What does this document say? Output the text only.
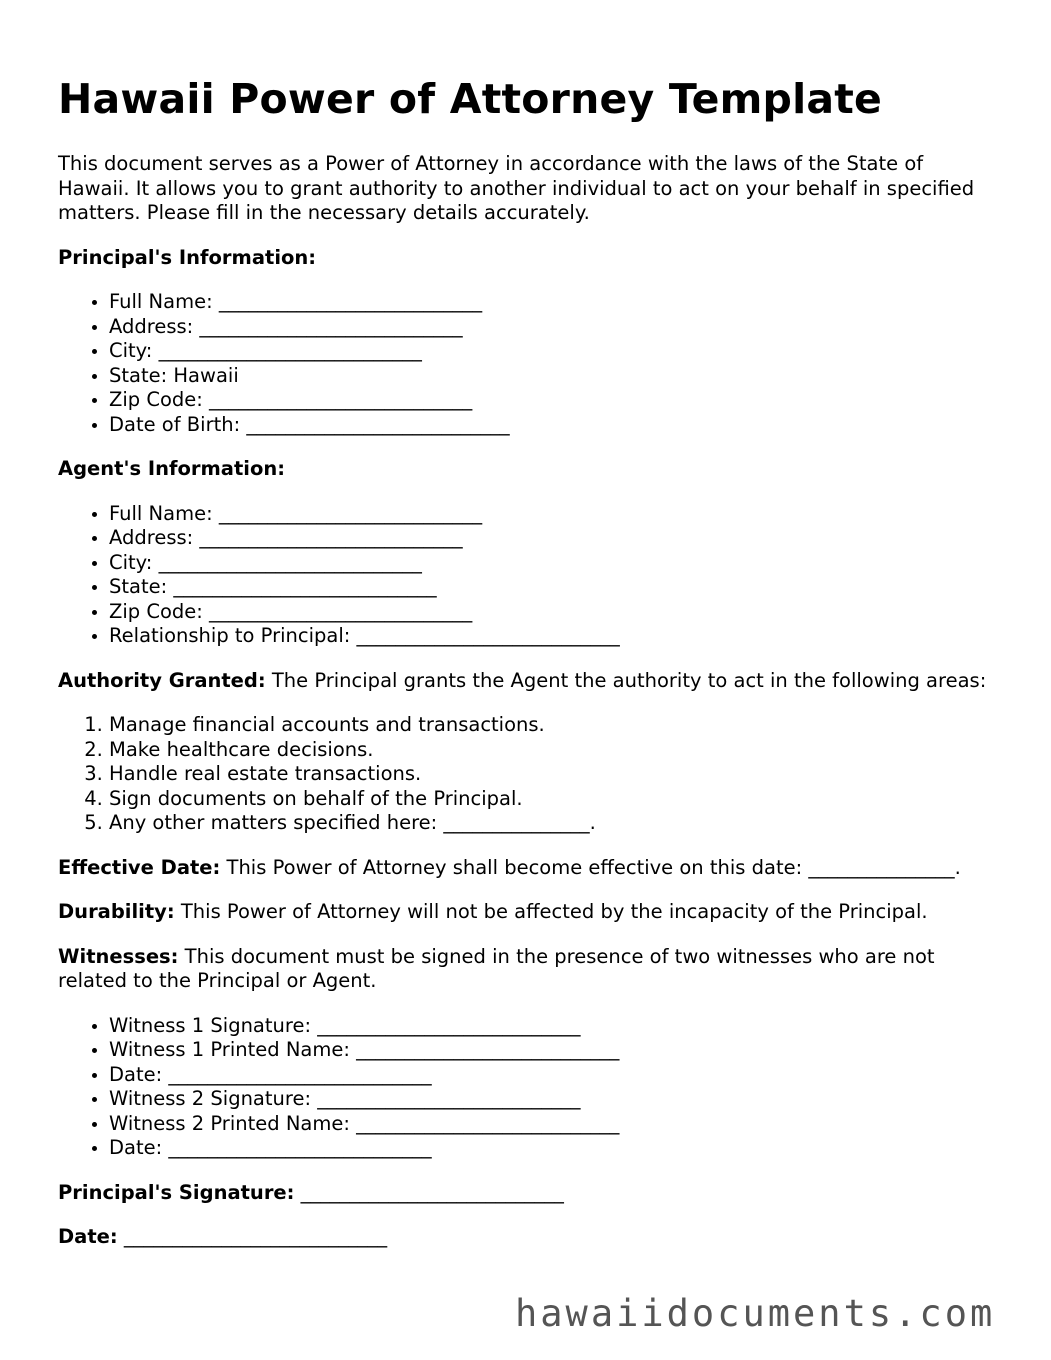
Hawaii Power of Attorney Template

This document serves as a Power of Attorney in accordance with the laws of the State of Hawaii. It allows you to grant authority to another individual to act on your behalf in specified matters. Please fill in the necessary details accurately.

Principal's Information:

• Full Name: ___________________________
• Address: ___________________________
• City: ___________________________
• State: Hawaii
• Zip Code: ___________________________
• Date of Birth: ___________________________

Agent's Information:

• Full Name: ___________________________
• Address: ___________________________
• City: ___________________________
• State: ___________________________
• Zip Code: ___________________________
• Relationship to Principal: ___________________________

Authority Granted: The Principal grants the Agent the authority to act in the following areas:

1. Manage financial accounts and transactions.
2. Make healthcare decisions.
3. Handle real estate transactions.
4. Sign documents on behalf of the Principal.
5. Any other matters specified here: _______________.

Effective Date: This Power of Attorney shall become effective on this date: _______________.

Durability: This Power of Attorney will not be affected by the incapacity of the Principal.

Witnesses: This document must be signed in the presence of two witnesses who are not related to the Principal or Agent.

• Witness 1 Signature: ___________________________
• Witness 1 Printed Name: ___________________________
• Date: ___________________________
• Witness 2 Signature: ___________________________
• Witness 2 Printed Name: ___________________________
• Date: ___________________________

Principal's Signature: ___________________________

Date: ___________________________

hawaiidocuments.com
